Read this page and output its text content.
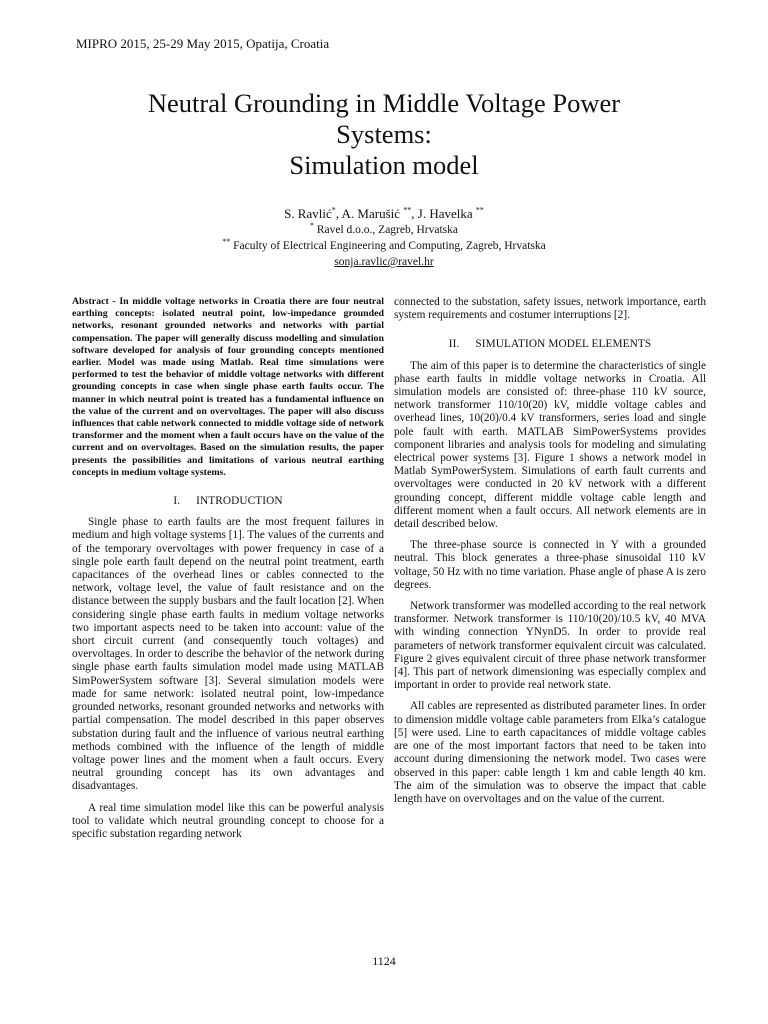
MIPRO 2015, 25-29 May 2015, Opatija, Croatia
Neutral Grounding in Middle Voltage Power
Systems:
Simulation model
S. Ravlić*, A. Marušić **, J. Havelka **
* Ravel d.o.o., Zagreb, Hrvatska
** Faculty of Electrical Engineering and Computing, Zagreb, Hrvatska
sonja.ravlic@ravel.hr

Abstract - In middle voltage networks in Croatia there are four neutral earthing concepts: isolated neutral point, low-impedance grounded networks, resonant grounded networks and networks with partial compensation. The paper will generally discuss modelling and simulation software developed for analysis of four grounding concepts mentioned earlier. Model was made using Matlab. Real time simulations were performed to test the behavior of middle voltage networks with different grounding concepts in case when single phase earth faults occur. The manner in which neutral point is treated has a fundamental influence on the value of the current and on overvoltages. The paper will also discuss influences that cable network connected to middle voltage side of network transformer and the moment when a fault occurs have on the value of the current and on overvoltages. Based on the simulation results, the paper presents the possibilities and limitations of various neutral earthing concepts in medium voltage systems.

I. INTRODUCTION

Single phase to earth faults are the most frequent failures in medium and high voltage systems [1]. The values of the currents and of the temporary overvoltages with power frequency in case of a single pole earth fault depend on the neutral point treatment, earth capacitances of the overhead lines or cables connected to the network, voltage level, the value of fault resistance and on the distance between the supply busbars and the fault location [2]. When considering single phase earth faults in medium voltage networks two important aspects need to be taken into account: value of the short circuit current (and consequently touch voltages) and overvoltages. In order to describe the behavior of the network during single phase earth faults simulation model made using MATLAB SimPowerSystem software [3]. Several simulation models were made for same network: isolated neutral point, low-impedance grounded networks, resonant grounded networks and networks with partial compensation. The model described in this paper observes substation during fault and the influence of various neutral earthing methods combined with the influence of the length of middle voltage power lines and the moment when a fault occurs. Every neutral grounding concept has its own advantages and disadvantages.

A real time simulation model like this can be powerful analysis tool to validate which neutral grounding concept to choose for a specific substation regarding network

connected to the substation, safety issues, network importance, earth system requirements and costumer interruptions [2].

II. SIMULATION MODEL ELEMENTS

The aim of this paper is to determine the characteristics of single phase earth faults in middle voltage networks in Croatia. All simulation models are consisted of: three-phase 110 kV source, network transformer 110/10(20) kV, middle voltage cables and overhead lines, 10(20)/0.4 kV transformers, series load and single pole fault with earth. MATLAB SimPowerSystems provides component libraries and analysis tools for modeling and simulating electrical power systems [3]. Figure 1 shows a network model in Matlab SymPowerSystem. Simulations of earth fault currents and overvoltages were conducted in 20 kV network with a different grounding concept, different middle voltage cable length and different moment when a fault occurs. All network elements are in detail described below.

The three-phase source is connected in Y with a grounded neutral. This block generates a three-phase sinusoidal 110 kV voltage, 50 Hz with no time variation. Phase angle of phase A is zero degrees.

Network transformer was modelled according to the real network transformer. Network transformer is 110/10(20)/10.5 kV, 40 MVA with winding connection YNynD5. In order to provide real parameters of network transformer equivalent circuit was calculated. Figure 2 gives equivalent circuit of three phase network transformer [4]. This part of network dimensioning was especially complex and important in order to provide real network state.

All cables are represented as distributed parameter lines. In order to dimension middle voltage cable parameters from Elka’s catalogue [5] were used. Line to earth capacitances of middle voltage cables are one of the most important factors that need to be taken into account during dimensioning the network model. Two cases were observed in this paper: cable length 1 km and cable length 40 km. The aim of the simulation was to observe the impact that cable length have on overvoltages and on the value of the current.

1124
